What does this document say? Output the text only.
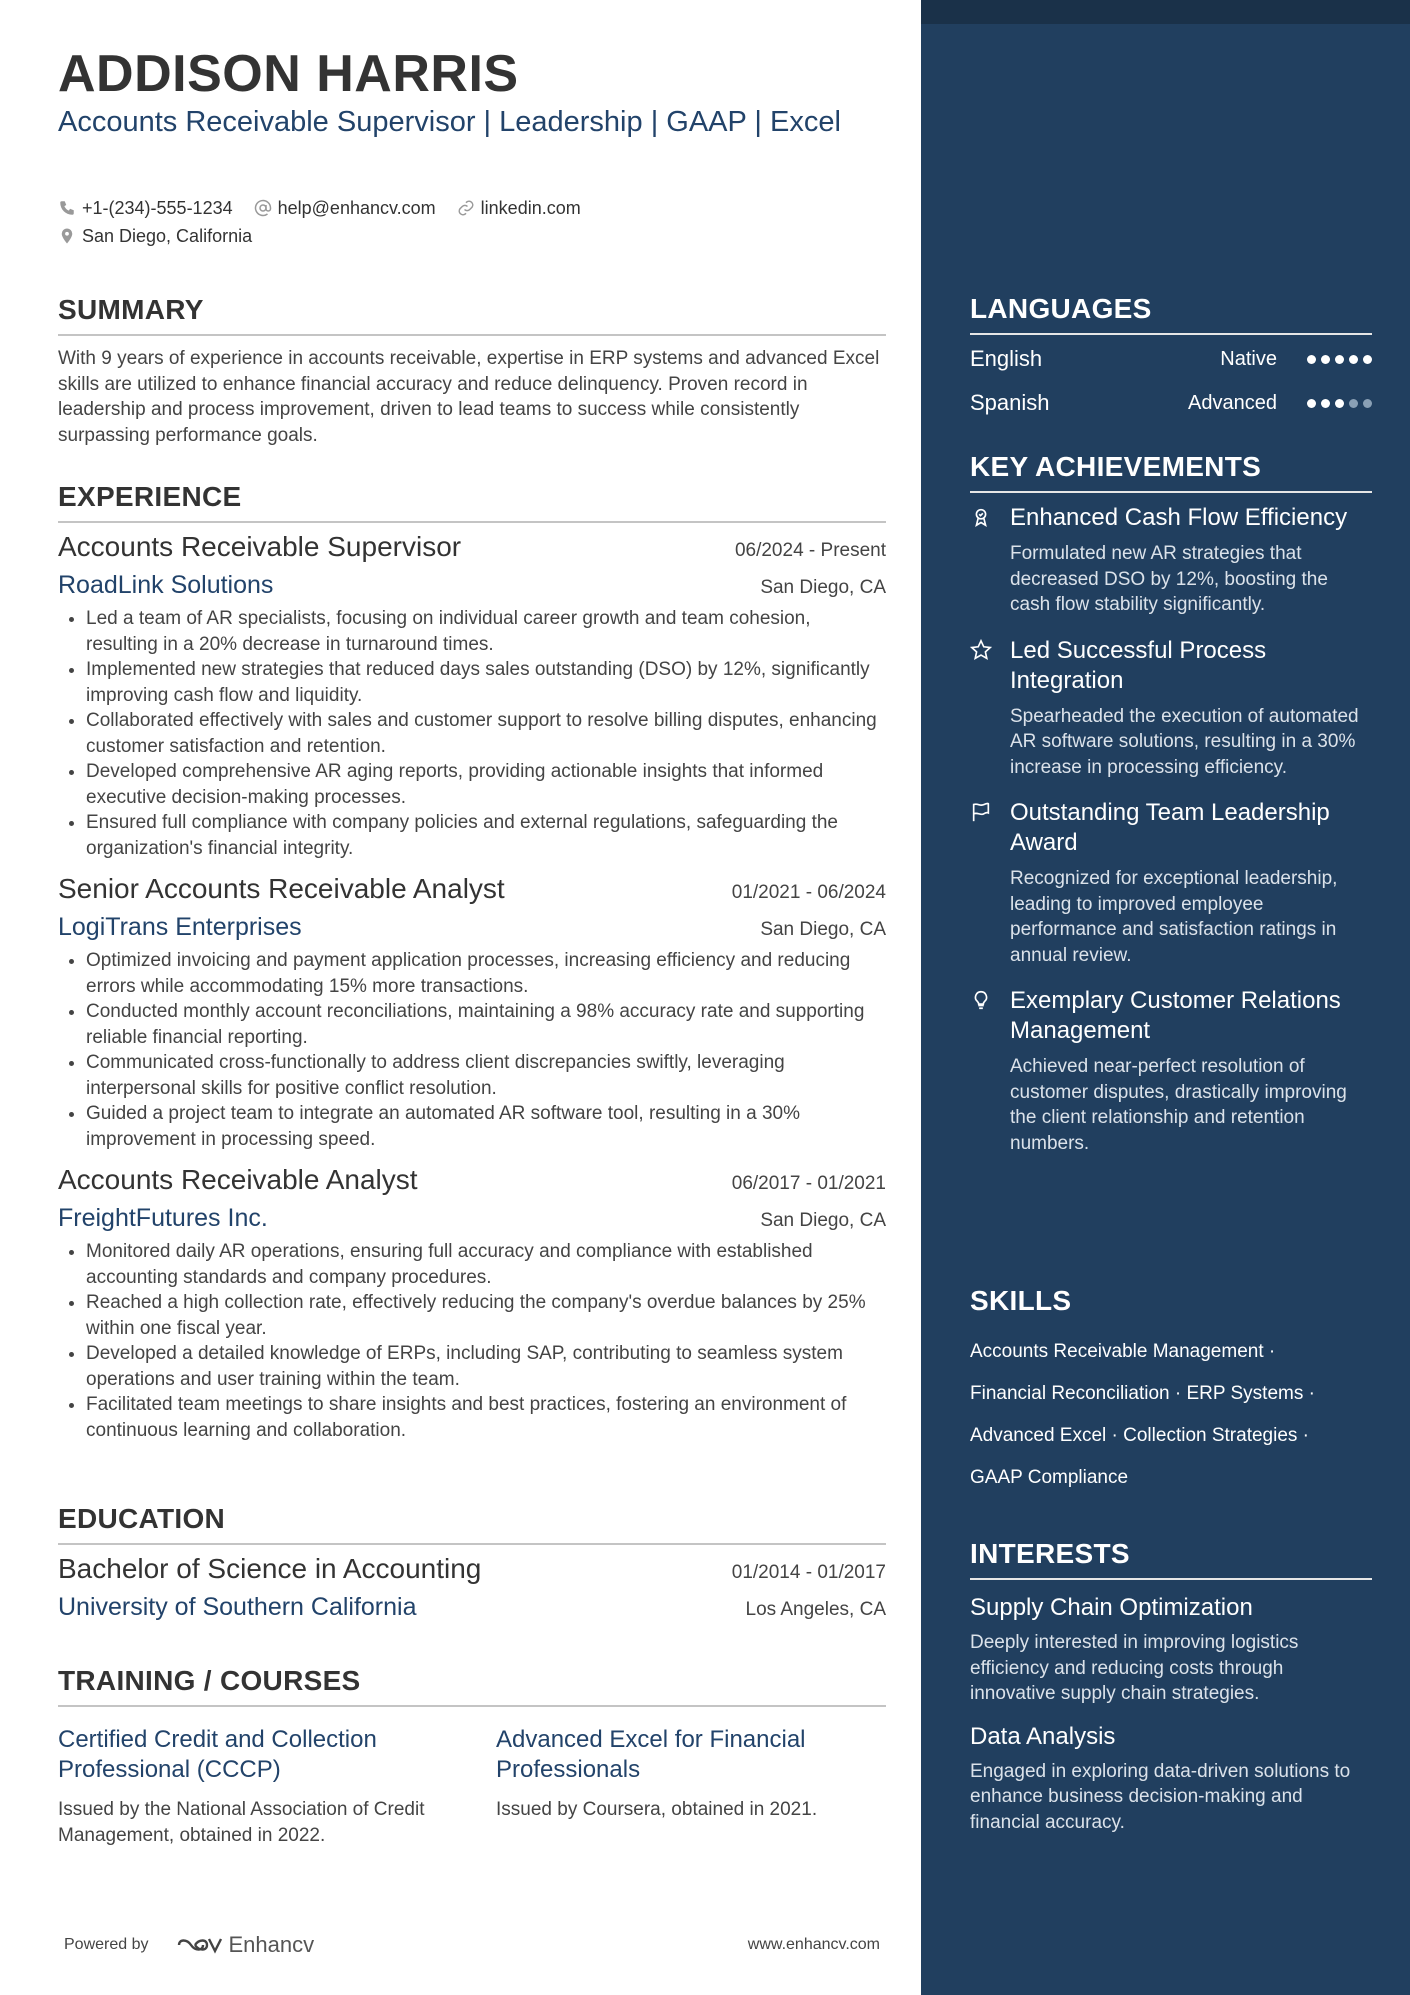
ADDISON HARRIS
Accounts Receivable Supervisor | Leadership | GAAP | Excel
+1-(234)-555-1234
	help@enhancv.com
	linkedin.com

San Diego, California
SUMMARY

With 9 years of experience in accounts receivable, expertise in ERP systems and advanced Excel skills are utilized to enhance financial accuracy and reduce delinquency. Proven record in leadership and process improvement, driven to lead teams to success while consistently surpassing performance goals.

EXPERIENCE
Accounts Receivable Supervisor	06/2024 - Present
RoadLink Solutions	San Diego, CA
• Led a team of AR specialists, focusing on individual career growth and team cohesion, resulting in a 20% decrease in turnaround times.
• Implemented new strategies that reduced days sales outstanding (DSO) by 12%, significantly improving cash flow and liquidity.
• Collaborated effectively with sales and customer support to resolve billing disputes, enhancing customer satisfaction and retention.
• Developed comprehensive AR aging reports, providing actionable insights that informed executive decision-making processes.
• Ensured full compliance with company policies and external regulations, safeguarding the organization's financial integrity.
Senior Accounts Receivable Analyst	01/2021 - 06/2024
LogiTrans Enterprises	San Diego, CA
• Optimized invoicing and payment application processes, increasing efficiency and reducing errors while accommodating 15% more transactions.
• Conducted monthly account reconciliations, maintaining a 98% accuracy rate and supporting reliable financial reporting.
• Communicated cross-functionally to address client discrepancies swiftly, leveraging interpersonal skills for positive conflict resolution.
• Guided a project team to integrate an automated AR software tool, resulting in a 30% improvement in processing speed.
Accounts Receivable Analyst	06/2017 - 01/2021
FreightFutures Inc.	San Diego, CA
• Monitored daily AR operations, ensuring full accuracy and compliance with established accounting standards and company procedures.
• Reached a high collection rate, effectively reducing the company's overdue balances by 25% within one fiscal year.
• Developed a detailed knowledge of ERPs, including SAP, contributing to seamless system operations and user training within the team.
• Facilitated team meetings to share insights and best practices, fostering an environment of continuous learning and collaboration.
EDUCATION
Bachelor of Science in Accounting	01/2014 - 01/2017
University of Southern California	Los Angeles, CA
TRAINING / COURSES
Certified Credit and Collection Professional (CCCP)
Issued by the National Association of Credit Management, obtained in 2022.
Advanced Excel for Financial Professionals
Issued by Coursera, obtained in 2021.
Powered by	Enhancv	www.enhancv.com
LANGUAGES
English	Native
Spanish	Advanced
KEY ACHIEVEMENTS
Enhanced Cash Flow Efficiency
Formulated new AR strategies that decreased DSO by 12%, boosting the cash flow stability significantly.
Led Successful Process Integration
Spearheaded the execution of automated AR software solutions, resulting in a 30% increase in processing efficiency.
Outstanding Team Leadership Award
Recognized for exceptional leadership, leading to improved employee performance and satisfaction ratings in annual review.
Exemplary Customer Relations Management
Achieved near-perfect resolution of customer disputes, drastically improving the client relationship and retention numbers.
SKILLS
Accounts Receivable Management ·
Financial Reconciliation · ERP Systems ·
Advanced Excel · Collection Strategies ·
GAAP Compliance
INTERESTS
Supply Chain Optimization
Deeply interested in improving logistics efficiency and reducing costs through innovative supply chain strategies.
Data Analysis
Engaged in exploring data-driven solutions to enhance business decision-making and financial accuracy.
